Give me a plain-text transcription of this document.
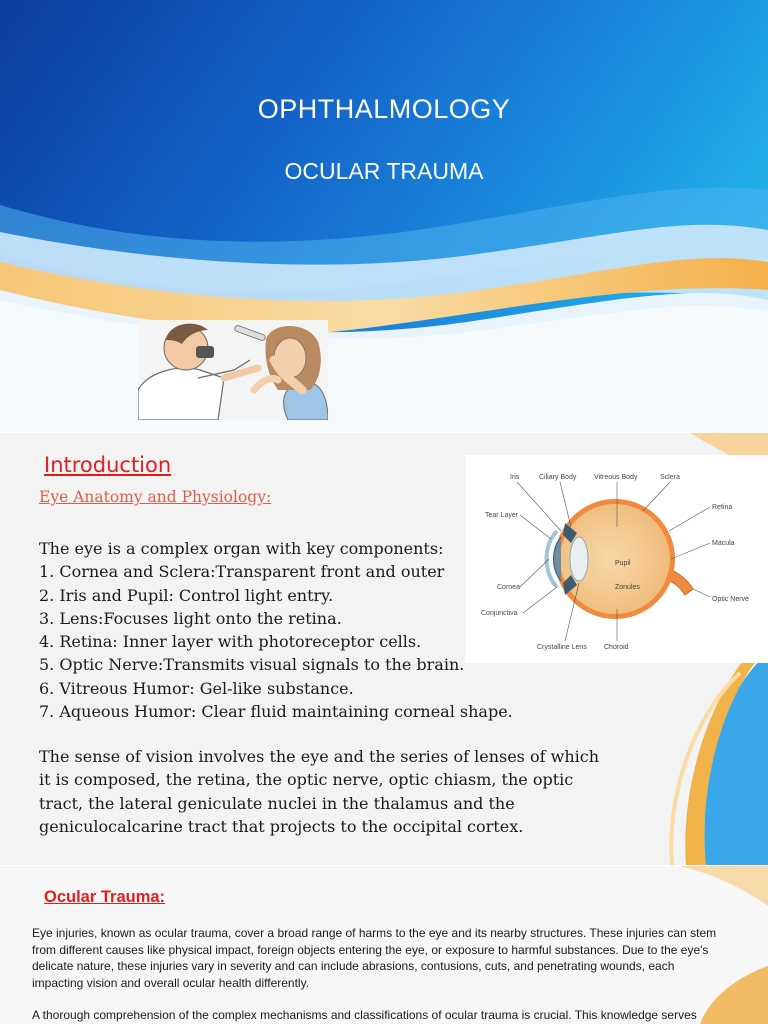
OPHTHALMOLOGY
OCULAR TRAUMA
Introduction
Eye Anatomy and Physiology:
The eye is a complex organ with key components:
1. Cornea and Sclera:Transparent front and outer
2. Iris and Pupil: Control light entry.
3. Lens:Focuses light onto the retina.
4. Retina: Inner layer with photoreceptor cells.
5. Optic Nerve:Transmits visual signals to the brain.
6. Vitreous Humor: Gel-like substance.
7. Aqueous Humor: Clear fluid maintaining corneal shape.
The sense of vision involves the eye and the series of lenses of which it is composed, the retina, the optic nerve, optic chiasm, the optic tract, the lateral geniculate nuclei in the thalamus and the geniculocalcarine tract that projects to the occipital cortex.
Iris	Ciliary Body	Vitreous Body	Sclera
Tear Layer
Retina
Macula
Pupil
Cornea	Zonules
Optic Nerve
Conjunctiva
Crystalline Lens Choroid
Ocular Trauma:
Eye injuries, known as ocular trauma, cover a broad range of harms to the eye and its nearby structures. These injuries can stem from different causes like physical impact, foreign objects entering the eye, or exposure to harmful substances. Due to the eye's delicate nature, these injuries vary in severity and can include abrasions, contusions, cuts, and penetrating wounds, each impacting vision and overall ocular health differently.
A thorough comprehension of the complex mechanisms and classifications of ocular trauma is crucial. This knowledge serves
